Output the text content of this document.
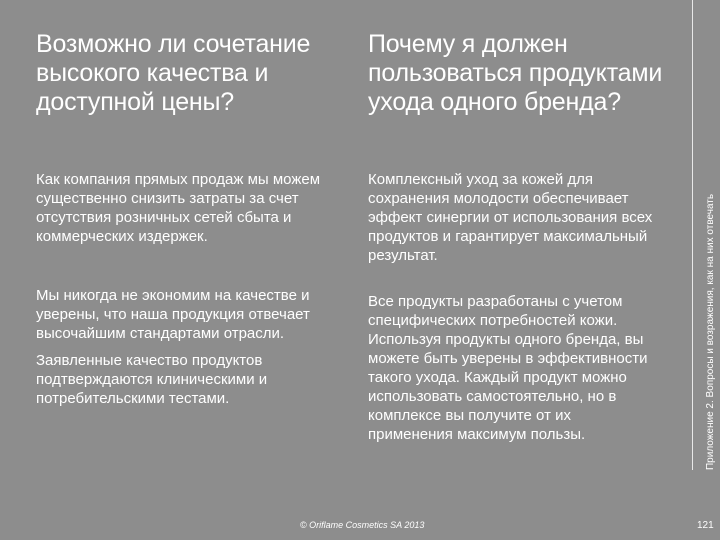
Возможно ли сочетание высокого качества и доступной цены?

Как компания прямых продаж мы можем существенно снизить затраты за счет отсутствия розничных сетей сбыта и коммерческих издержек.

Мы никогда не экономим на качестве и уверены, что наша продукция отвечает высочайшим стандартами отрасли.

Заявленные качество продуктов подтверждаются клиническими и потребительскими тестами.

Почему я должен пользоваться продуктами ухода одного бренда?

Комплексный уход за кожей для сохранения молодости обеспечивает эффект синергии от использования всех продуктов и гарантирует максимальный результат.

Все продукты разработаны с учетом специфических потребностей кожи. Используя продукты одного бренда, вы можете быть уверены в эффективности такого ухода. Каждый продукт можно использовать самостоятельно, но в комплексе вы получите от их применения максимум пользы.

© Oriflame Cosmetics SA 2013
Приложение 2. Вопросы и возражения, как на них отвечать
121
